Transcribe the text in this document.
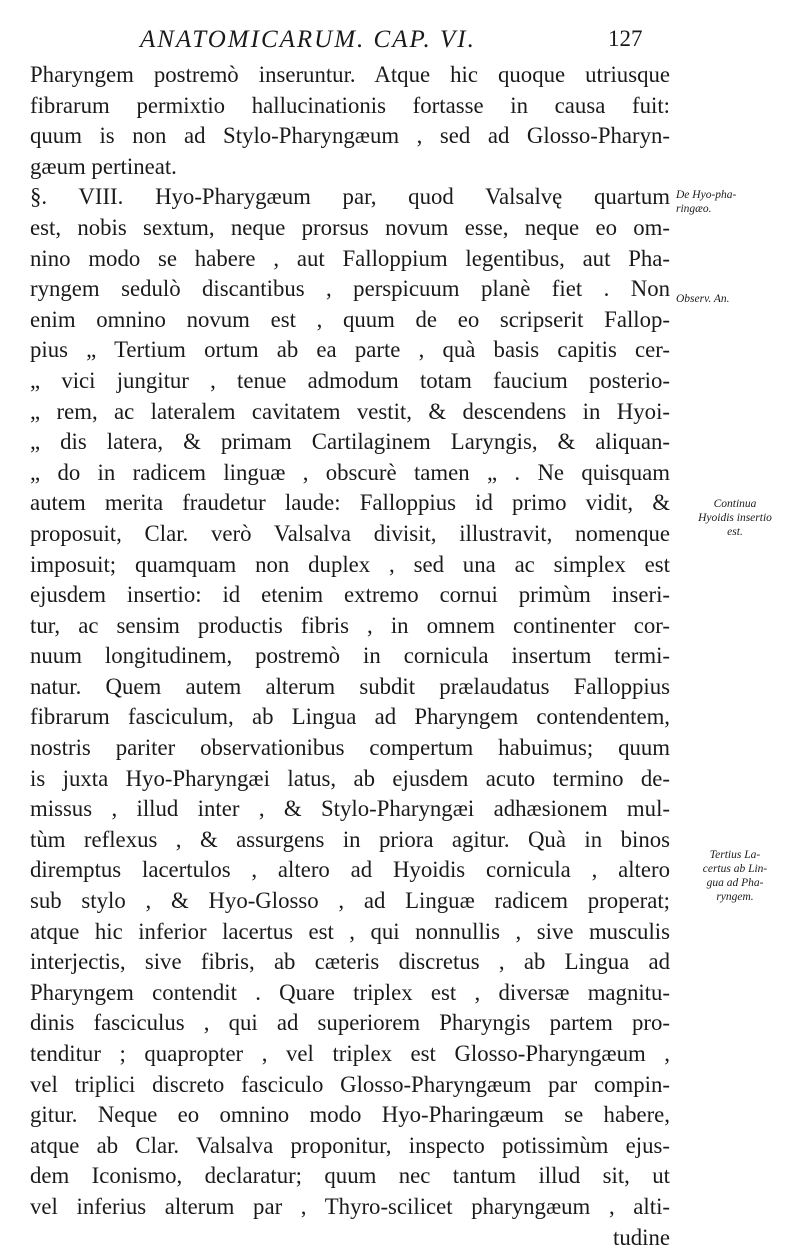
ANATOMICARUM. CAP. VI.	127
Pharyngem postremò inseruntur. Atque hic quoque utriusque
fibrarum permixtio hallucinationis fortasse in causa fuit:
quum is non ad Stylo-Pharyngæum , sed ad Glosso-Pharyn-
gæum pertineat.
§. VIII. Hyo-Pharygæum par, quod Valsalvę quartum
est, nobis sextum, neque prorsus novum esse, neque eo om-
nino modo se habere , aut Falloppium legentibus, aut Pha-
ryngem sedulò discantibus , perspicuum planè fiet . Non
enim omnino novum est , quum de eo scripserit Fallop-
pius „ Tertium ortum ab ea parte , quà basis capitis cer-
„ vici jungitur , tenue admodum totam faucium posterio-
„ rem, ac lateralem cavitatem vestit, & descendens in Hyoi-
„ dis latera, & primam Cartilaginem Laryngis, & aliquan-
„ do in radicem linguæ , obscurè tamen „ . Ne quisquam
autem merita fraudetur laude: Falloppius id primo vidit, &
proposuit, Clar. verò Valsalva divisit, illustravit, nomenque
imposuit; quamquam non duplex , sed una ac simplex est
ejusdem insertio: id etenim extremo cornui primùm inseri-
tur, ac sensim productis fibris , in omnem continenter cor-
nuum longitudinem, postremò in cornicula insertum termi-
natur. Quem autem alterum subdit prælaudatus Falloppius
fibrarum fasciculum, ab Lingua ad Pharyngem contendentem,
nostris pariter observationibus compertum habuimus; quum
is juxta Hyo-Pharyngæi latus, ab ejusdem acuto termino de-
missus , illud inter , & Stylo-Pharyngæi adhæsionem mul-
tùm reflexus , & assurgens in priora agitur. Quà in binos
diremptus lacertulos , altero ad Hyoidis cornicula , altero
sub stylo , & Hyo-Glosso , ad Linguæ radicem properat;
atque hic inferior lacertus est , qui nonnullis , sive musculis
interjectis, sive fibris, ab cæteris discretus , ab Lingua ad
Pharyngem contendit . Quare triplex est , diversæ magnitu-
dinis fasciculus , qui ad superiorem Pharyngis partem pro-
tenditur ; quapropter , vel triplex est Glosso-Pharyngæum ,
vel triplici discreto fasciculo Glosso-Pharyngæum par compin-
gitur. Neque eo omnino modo Hyo-Pharingæum se habere,
atque ab Clar. Valsalva proponitur, inspecto potissimùm ejus-
dem Iconismo, declaratur; quum nec tantum illud sit, ut
vel inferius alterum par , Thyro-scilicet pharyngæum , alti-
tudine
De Hyo-pha-
ringæo.
Observ. An.
Continua
Hyoidis insertio
est.
Tertius La-
certus ab Lin-
gua ad Pha-
ryngem.
